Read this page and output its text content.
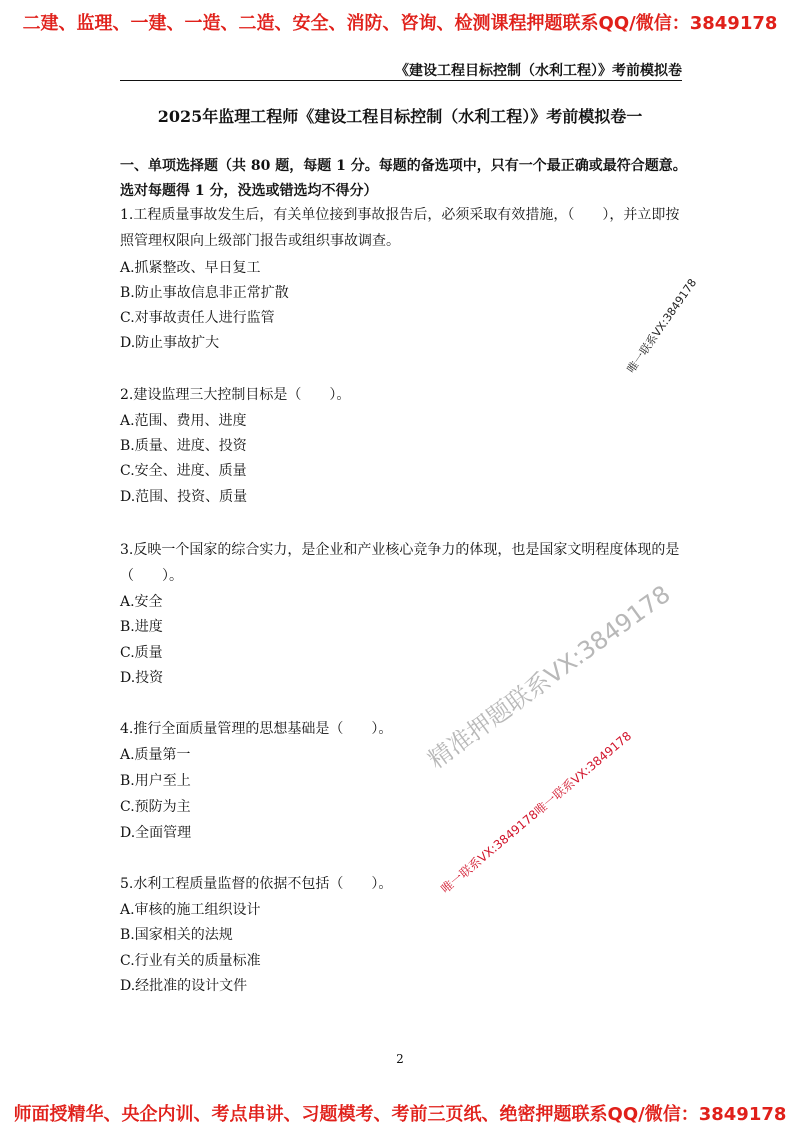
二建、监理、一建、一造、二造、安全、消防、咨询、检测课程押题联系QQ/微信：3849178
《建设工程目标控制（水利工程）》考前模拟卷
2025年监理工程师《建设工程目标控制（水利工程）》考前模拟卷一
一、单项选择题（共 80 题，每题 1 分。每题的备选项中，只有一个最正确或最符合题意。
选对每题得 1 分，没选或错选均不得分）
1.工程质量事故发生后，有关单位接到事故报告后，必须采取有效措施，（　　），并立即按
照管理权限向上级部门报告或组织事故调查。
A.抓紧整改、早日复工
B.防止事故信息非正常扩散
C.对事故责任人进行监管
D.防止事故扩大
2.建设监理三大控制目标是（　　）。
A.范围、费用、进度
B.质量、进度、投资
C.安全、进度、质量
D.范围、投资、质量
3.反映一个国家的综合实力，是企业和产业核心竞争力的体现，也是国家文明程度体现的是
（　　）。
A.安全
B.进度
C.质量
D.投资
4.推行全面质量管理的思想基础是（　　）。
A.质量第一
B.用户至上
C.预防为主
D.全面管理
5.水利工程质量监督的依据不包括（　　）。
A.审核的施工组织设计
B.国家相关的法规
C.行业有关的质量标准
D.经批准的设计文件
2
唯一联系VX:3849178
精准押题联系VX:3849178
唯一联系VX:3849178唯一联系VX:3849178
师面授精华、央企内训、考点串讲、习题模考、考前三页纸、绝密押题联系QQ/微信：3849178
